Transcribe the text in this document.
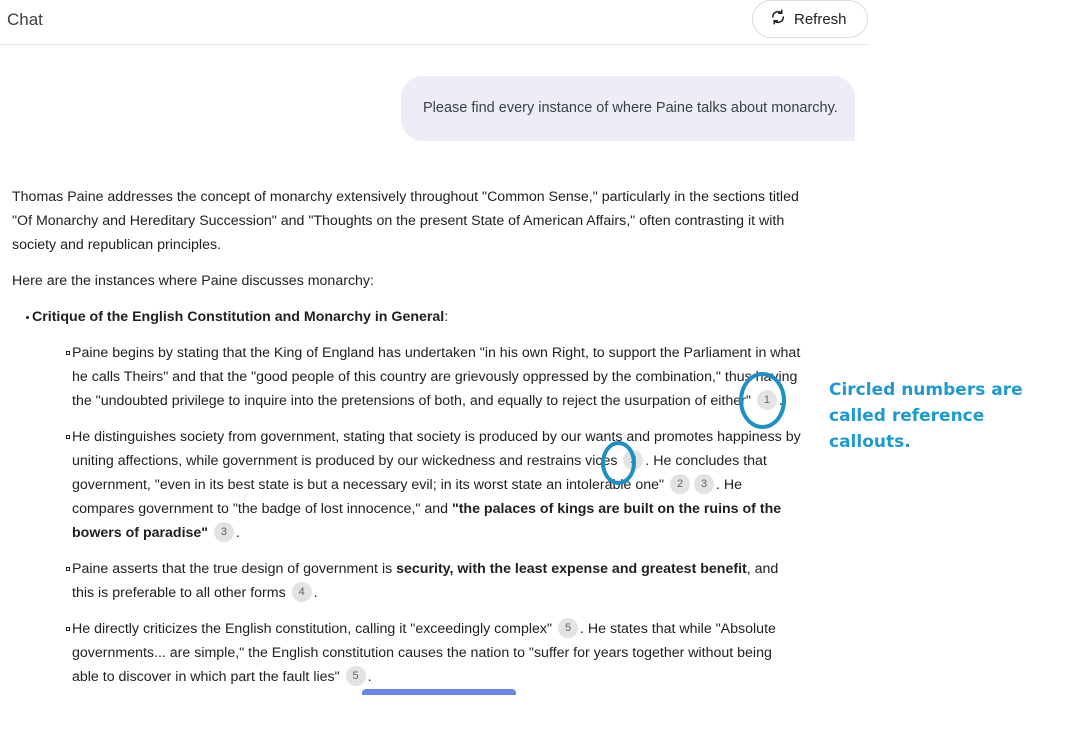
Chat	Refresh
Please find every instance of where Paine talks about monarchy.

Thomas Paine addresses the concept of monarchy extensively throughout "Common Sense," particularly in the sections titled "Of Monarchy and Hereditary Succession" and "Thoughts on the present State of American Affairs," often contrasting it with society and republican principles.

Here are the instances where Paine discusses monarchy:

Critique of the English Constitution and Monarchy in General:
Paine begins by stating that the King of England has undertaken "in his own Right, to support the Parliament in what he calls Theirs" and that the "good people of this country are grievously oppressed by the combination," thus having the "undoubted privilege to inquire into the pretensions of both, and equally to reject the usurpation of either" 1 .
He distinguishes society from government, stating that society is produced by our wants and promotes happiness by uniting affections, while government is produced by our wickedness and restrains vices 2 . He concludes that government, "even in its best state is but a necessary evil; in its worst state an intolerable one" 2 3 . He compares government to "the badge of lost innocence," and "the palaces of kings are built on the ruins of the bowers of paradise" 3 .
Paine asserts that the true design of government is security, with the least expense and greatest benefit, and this is preferable to all other forms 4 .
He directly criticizes the English constitution, calling it "exceedingly complex" 5 . He states that while "Absolute governments... are simple," the English constitution causes the nation to "suffer for years together without being able to discover in which part the fault lies" 5 .
Circled numbers are called reference callouts.
